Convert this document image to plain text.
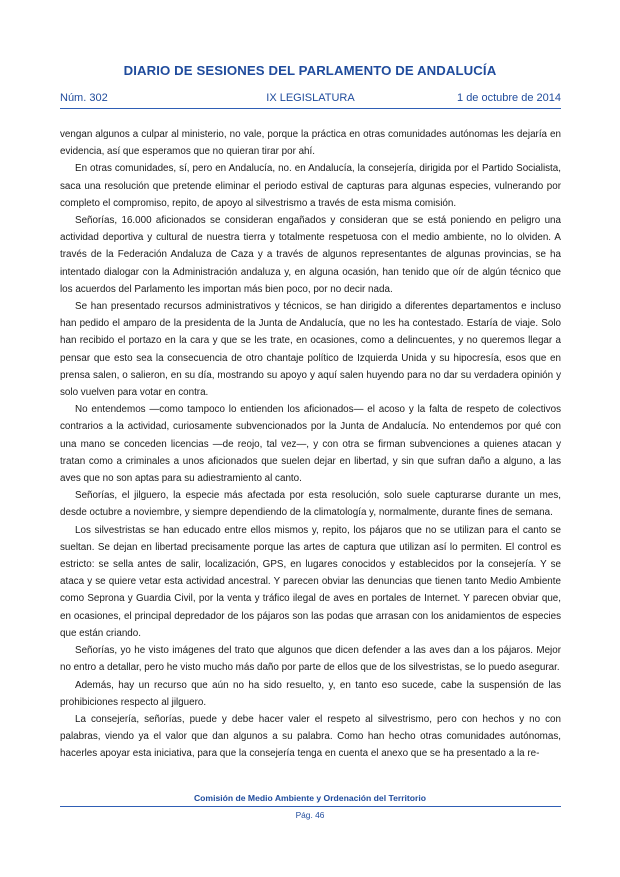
DIARIO DE SESIONES DEL PARLAMENTO DE ANDALUCÍA
Núm. 302	IX LEGISLATURA	1 de octubre de 2014

vengan algunos a culpar al ministerio, no vale, porque la práctica en otras comunidades autónomas les dejaría en evidencia, así que esperamos que no quieran tirar por ahí.

En otras comunidades, sí, pero en Andalucía, no. en Andalucía, la consejería, dirigida por el Partido Socialista, saca una resolución que pretende eliminar el periodo estival de capturas para algunas especies, vulnerando por completo el compromiso, repito, de apoyo al silvestrismo a través de esta misma comisión.

Señorías, 16.000 aficionados se consideran engañados y consideran que se está poniendo en peligro una actividad deportiva y cultural de nuestra tierra y totalmente respetuosa con el medio ambiente, no lo olviden. A través de la Federación Andaluza de Caza y a través de algunos representantes de algunas provincias, se ha intentado dialogar con la Administración andaluza y, en alguna ocasión, han tenido que oír de algún técnico que los acuerdos del Parlamento les importan más bien poco, por no decir nada.

Se han presentado recursos administrativos y técnicos, se han dirigido a diferentes departamentos e incluso han pedido el amparo de la presidenta de la Junta de Andalucía, que no les ha contestado. Estaría de viaje. Solo han recibido el portazo en la cara y que se les trate, en ocasiones, como a delincuentes, y no queremos llegar a pensar que esto sea la consecuencia de otro chantaje político de Izquierda Unida y su hipocresía, esos que en prensa salen, o salieron, en su día, mostrando su apoyo y aquí salen huyendo para no dar su verdadera opinión y solo vuelven para votar en contra.

No entendemos —como tampoco lo entienden los aficionados— el acoso y la falta de respeto de colectivos contrarios a la actividad, curiosamente subvencionados por la Junta de Andalucía. No entendemos por qué con una mano se conceden licencias —de reojo, tal vez—, y con otra se firman subvenciones a quienes atacan y tratan como a criminales a unos aficionados que suelen dejar en libertad, y sin que sufran daño a alguno, a las aves que no son aptas para su adiestramiento al canto.

Señorías, el jilguero, la especie más afectada por esta resolución, solo suele capturarse durante un mes, desde octubre a noviembre, y siempre dependiendo de la climatología y, normalmente, durante fines de semana.

Los silvestristas se han educado entre ellos mismos y, repito, los pájaros que no se utilizan para el canto se sueltan. Se dejan en libertad precisamente porque las artes de captura que utilizan así lo permiten. El control es estricto: se sella antes de salir, localización, GPS, en lugares conocidos y establecidos por la consejería. Y se ataca y se quiere vetar esta actividad ancestral. Y parecen obviar las denuncias que tienen tanto Medio Ambiente como Seprona y Guardia Civil, por la venta y tráfico ilegal de aves en portales de Internet. Y parecen obviar que, en ocasiones, el principal depredador de los pájaros son las podas que arrasan con los anidamientos de especies que están criando.

Señorías, yo he visto imágenes del trato que algunos que dicen defender a las aves dan a los pájaros. Mejor no entro a detallar, pero he visto mucho más daño por parte de ellos que de los silvestristas, se lo puedo asegurar.

Además, hay un recurso que aún no ha sido resuelto, y, en tanto eso sucede, cabe la suspensión de las prohibiciones respecto al jilguero.

La consejería, señorías, puede y debe hacer valer el respeto al silvestrismo, pero con hechos y no con palabras, viendo ya el valor que dan algunos a su palabra. Como han hecho otras comunidades autónomas, hacerles apoyar esta iniciativa, para que la consejería tenga en cuenta el anexo que se ha presentado a la re-

Comisión de Medio Ambiente y Ordenación del Territorio
Pág. 46
